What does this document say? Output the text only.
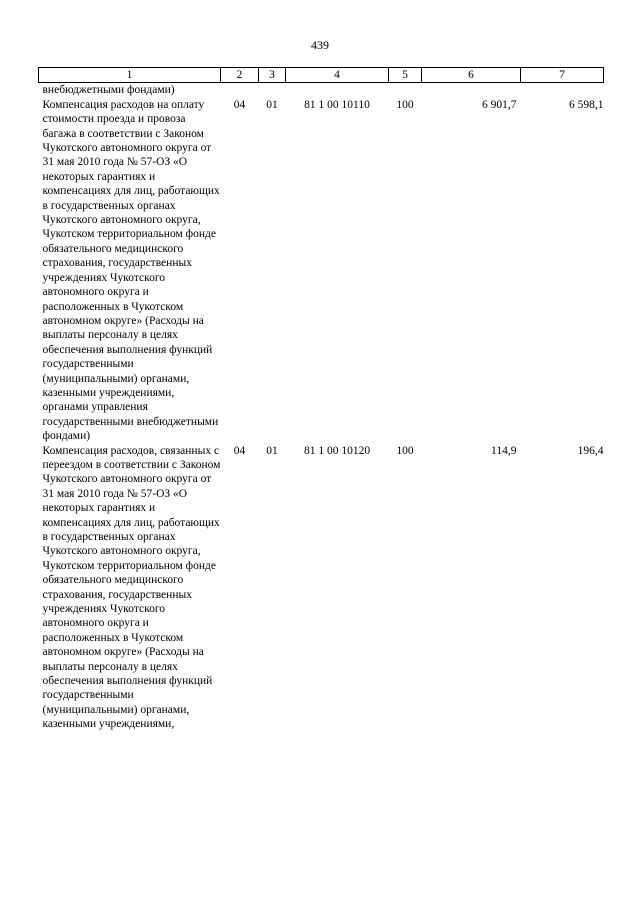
439
1	2	3	4	5	6	7
внебюджетными фондами)						
Компенсация расходов на оплату стоимости проезда и провоза багажа в соответствии с Законом Чукотского автономного округа от 31 мая 2010 года № 57-ОЗ «О некоторых гарантиях и компенсациях для лиц, работающих в государственных органах Чукотского автономного округа, Чукотском территориальном фонде обязательного медицинского страхования, государственных учреждениях Чукотского автономного округа и расположенных в Чукотском автономном округе» (Расходы на выплаты персоналу в целях обеспечения выполнения функций государственными (муниципальными) органами, казенными учреждениями, органами управления государственными внебюджетными фондами)	04	01	81 1 00 10110	100	6 901,7	6 598,1
Компенсация расходов, связанных с переездом в соответствии с Законом Чукотского автономного округа от 31 мая 2010 года № 57-ОЗ «О некоторых гарантиях и компенсациях для лиц, работающих в государственных органах Чукотского автономного округа, Чукотском территориальном фонде обязательного медицинского страхования, государственных учреждениях Чукотского автономного округа и расположенных в Чукотском автономном округе» (Расходы на выплаты персоналу в целях обеспечения выполнения функций государственными (муниципальными) органами, казенными учреждениями,	04	01	81 1 00 10120	100	114,9	196,4
